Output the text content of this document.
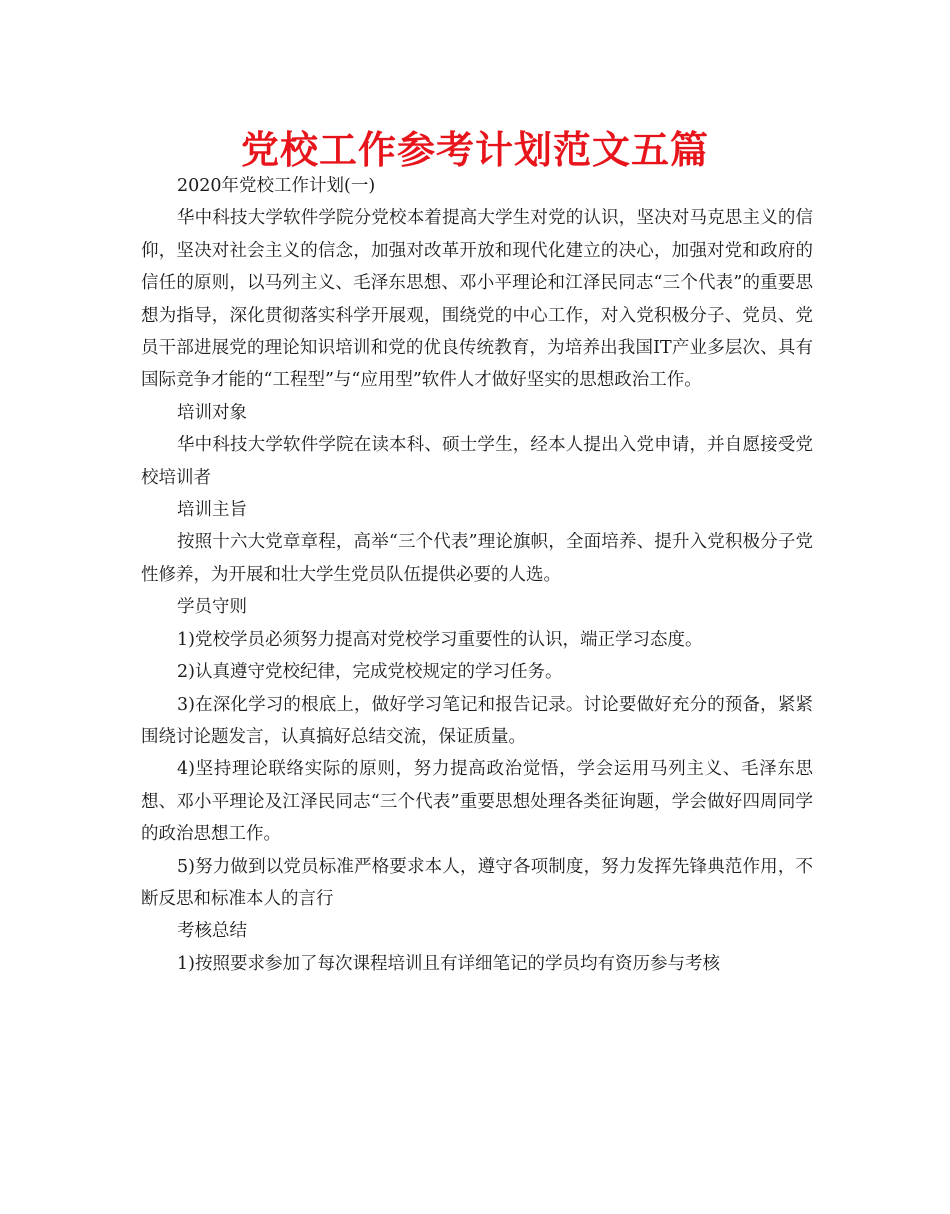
党校工作参考计划范文五篇

2020年党校工作计划(一)

华中科技大学软件学院分党校本着提高大学生对党的认识，坚决对马克思主义的信仰，坚决对社会主义的信念，加强对改革开放和现代化建立的决心，加强对党和政府的信任的原则，以马列主义、毛泽东思想、邓小平理论和江泽民同志“三个代表”的重要思想为指导，深化贯彻落实科学开展观，围绕党的中心工作，对入党积极分子、党员、党员干部进展党的理论知识培训和党的优良传统教育，为培养出我国IT产业多层次、具有国际竞争才能的“工程型”与“应用型”软件人才做好坚实的思想政治工作。

培训对象

华中科技大学软件学院在读本科、硕士学生，经本人提出入党申请，并自愿接受党校培训者

培训主旨

按照十六大党章章程，高举“三个代表”理论旗帜，全面培养、提升入党积极分子党性修养，为开展和壮大学生党员队伍提供必要的人选。

学员守则

1)党校学员必须努力提高对党校学习重要性的认识，端正学习态度。

2)认真遵守党校纪律，完成党校规定的学习任务。

3)在深化学习的根底上，做好学习笔记和报告记录。讨论要做好充分的预备，紧紧围绕讨论题发言，认真搞好总结交流，保证质量。

4)坚持理论联络实际的原则，努力提高政治觉悟，学会运用马列主义、毛泽东思想、邓小平理论及江泽民同志“三个代表”重要思想处理各类征询题，学会做好四周同学的政治思想工作。

5)努力做到以党员标准严格要求本人，遵守各项制度，努力发挥先锋典范作用，不断反思和标准本人的言行

考核总结

1)按照要求参加了每次课程培训且有详细笔记的学员均有资历参与考核
